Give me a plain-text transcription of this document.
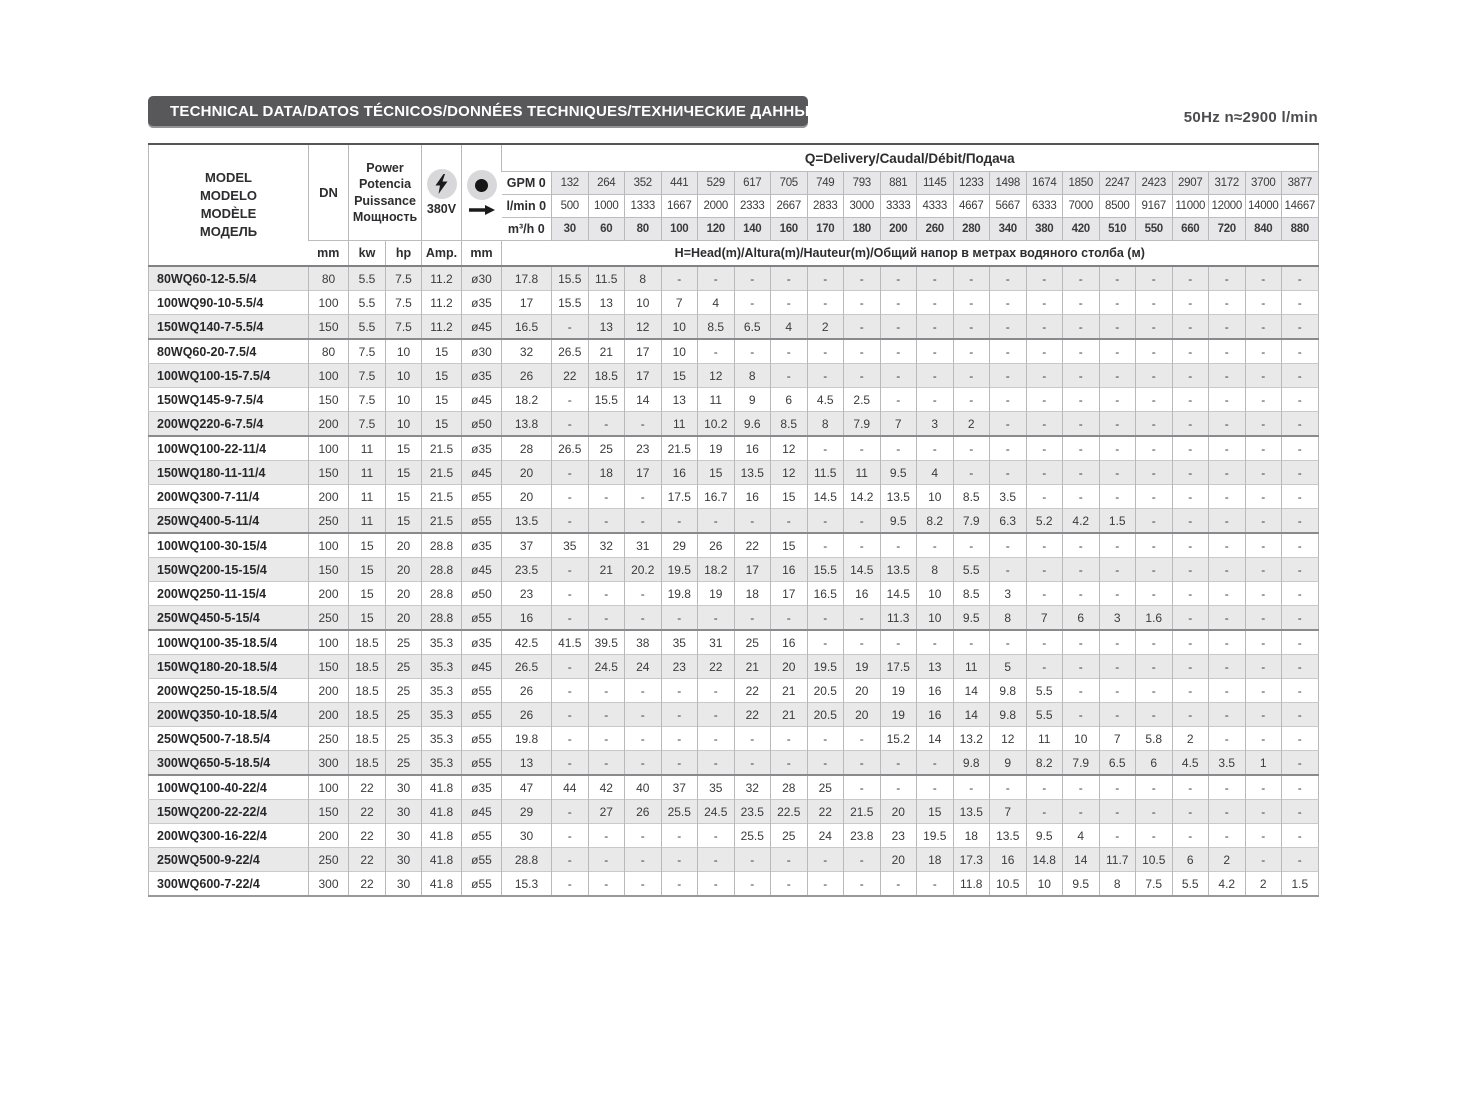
TECHNICAL DATA/DATOS TÉCNICOS/DONNÉES TECHNIQUES/ТЕХНИЧЕСКИЕ ДАННЫЕ	50Hz n≈2900 l/min
MODEL
MODELO
MODÈLE
МОДЕЛЬ
	DN	
Power
Potencia
Puissance
Мощность

380V

	Q=Delivery/Caudal/Débit/Подача
						GPM 0	132	264	352	441	529	617	705	749	793	881	1145	1233	1498	1674	1850	2247	2423	2907	3172	3700	3877
						l/min 0	500	1000	1333	1667	2000	2333	2667	2833	3000	3333	4333	4667	5667	6333	7000	8500	9167	11000	12000	14000	14667
						m³/h 0	30	60	80	100	120	140	160	170	180	200	260	280	340	380	420	510	550	660	720	840	880
	mm	kw	hp	Amp.	mm	H=Head(m)/Altura(m)/Hauteur(m)/Общий напор в метрах водяного столба (м)																					
80WQ60-12-5.5/4	80	5.5	7.5	11.2	ø30	17.8	15.5	11.5	8	-	-	-	-	-	-	-	-	-	-	-	-	-	-	-	-	-	-
100WQ90-10-5.5/4	100	5.5	7.5	11.2	ø35	17	15.5	13	10	7	4	-	-	-	-	-	-	-	-	-	-	-	-	-	-	-	-
150WQ140-7-5.5/4	150	5.5	7.5	11.2	ø45	16.5	-	13	12	10	8.5	6.5	4	2	-	-	-	-	-	-	-	-	-	-	-	-	-
80WQ60-20-7.5/4	80	7.5	10	15	ø30	32	26.5	21	17	10	-	-	-	-	-	-	-	-	-	-	-	-	-	-	-	-	-
100WQ100-15-7.5/4	100	7.5	10	15	ø35	26	22	18.5	17	15	12	8	-	-	-	-	-	-	-	-	-	-	-	-	-	-	-
150WQ145-9-7.5/4	150	7.5	10	15	ø45	18.2	-	15.5	14	13	11	9	6	4.5	2.5	-	-	-	-	-	-	-	-	-	-	-	-
200WQ220-6-7.5/4	200	7.5	10	15	ø50	13.8	-	-	-	11	10.2	9.6	8.5	8	7.9	7	3	2	-	-	-	-	-	-	-	-	-
100WQ100-22-11/4	100	11	15	21.5	ø35	28	26.5	25	23	21.5	19	16	12	-	-	-	-	-	-	-	-	-	-	-	-	-	-
150WQ180-11-11/4	150	11	15	21.5	ø45	20	-	18	17	16	15	13.5	12	11.5	11	9.5	4	-	-	-	-	-	-	-	-	-	-
200WQ300-7-11/4	200	11	15	21.5	ø55	20	-	-	-	17.5	16.7	16	15	14.5	14.2	13.5	10	8.5	3.5	-	-	-	-	-	-	-	-
250WQ400-5-11/4	250	11	15	21.5	ø55	13.5	-	-	-	-	-	-	-	-	-	9.5	8.2	7.9	6.3	5.2	4.2	1.5	-	-	-	-	-
100WQ100-30-15/4	100	15	20	28.8	ø35	37	35	32	31	29	26	22	15	-	-	-	-	-	-	-	-	-	-	-	-	-	-
150WQ200-15-15/4	150	15	20	28.8	ø45	23.5	-	21	20.2	19.5	18.2	17	16	15.5	14.5	13.5	8	5.5	-	-	-	-	-	-	-	-	-
200WQ250-11-15/4	200	15	20	28.8	ø50	23	-	-	-	19.8	19	18	17	16.5	16	14.5	10	8.5	3	-	-	-	-	-	-	-	-
250WQ450-5-15/4	250	15	20	28.8	ø55	16	-	-	-	-	-	-	-	-	-	11.3	10	9.5	8	7	6	3	1.6	-	-	-	-
100WQ100-35-18.5/4	100	18.5	25	35.3	ø35	42.5	41.5	39.5	38	35	31	25	16	-	-	-	-	-	-	-	-	-	-	-	-	-	-
150WQ180-20-18.5/4	150	18.5	25	35.3	ø45	26.5	-	24.5	24	23	22	21	20	19.5	19	17.5	13	11	5	-	-	-	-	-	-	-	-
200WQ250-15-18.5/4	200	18.5	25	35.3	ø55	26	-	-	-	-	-	22	21	20.5	20	19	16	14	9.8	5.5	-	-	-	-	-	-	-
200WQ350-10-18.5/4	200	18.5	25	35.3	ø55	26	-	-	-	-	-	22	21	20.5	20	19	16	14	9.8	5.5	-	-	-	-	-	-	-
250WQ500-7-18.5/4	250	18.5	25	35.3	ø55	19.8	-	-	-	-	-	-	-	-	-	15.2	14	13.2	12	11	10	7	5.8	2	-	-	-
300WQ650-5-18.5/4	300	18.5	25	35.3	ø55	13	-	-	-	-	-	-	-	-	-	-	-	9.8	9	8.2	7.9	6.5	6	4.5	3.5	1	-
100WQ100-40-22/4	100	22	30	41.8	ø35	47	44	42	40	37	35	32	28	25	-	-	-	-	-	-	-	-	-	-	-	-	-
150WQ200-22-22/4	150	22	30	41.8	ø45	29	-	27	26	25.5	24.5	23.5	22.5	22	21.5	20	15	13.5	7	-	-	-	-	-	-	-	-
200WQ300-16-22/4	200	22	30	41.8	ø55	30	-	-	-	-	-	25.5	25	24	23.8	23	19.5	18	13.5	9.5	4	-	-	-	-	-	-
250WQ500-9-22/4	250	22	30	41.8	ø55	28.8	-	-	-	-	-	-	-	-	-	20	18	17.3	16	14.8	14	11.7	10.5	6	2	-	-
300WQ600-7-22/4	300	22	30	41.8	ø55	15.3	-	-	-	-	-	-	-	-	-	-	-	11.8	10.5	10	9.5	8	7.5	5.5	4.2	2	1.5
